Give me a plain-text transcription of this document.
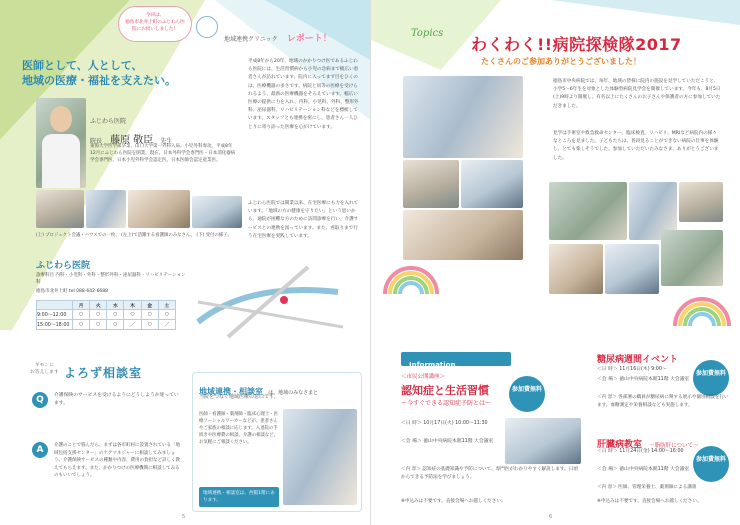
今回は、
徳島市北井上町のふじわら医院にお伺いしました！
地域連携クリニック レポート！
医師として、人として、
地域の医療・福祉を支えたい。
ふじわら医院
院長 藤原 敬臣 先生
東海大学医学部卒業、山口大学第一外科入局。小児外科専攻。平成8年12月にふじわら医院を開業。現在、日本外科学会専門医・日本消化器病学会専門医、日本小児外科学会認定医。日本医師会認定産業医。
(上) プロジェクト会議・ハウスでの一枚、 (左上)で活躍する看護師のみなさん。 (下) 受付の様子。
平成8年から20年、地域のかかりつけ医であるふじわら医院には、生活習慣病から小児の急病まで幅広い患者さんが訪れています。院内に入ってまず目をひくのは、医療機器の多さです。病院と同等の医療を受けられるよう、最新の医療機器をそろえています。幅広い医療の提供に力を入れ、内科、小児科、外科、整形外科、泌尿器科、リハビリテーション科などを標榜しています。スタッフとも連携を密にし、患者さん一人ひとりに寄り添った医療を心がけています。
ふじわら医院では開業以来、在宅医療にも力を入れています。「地域の方の健康を守りたい」という思いから、通院が困難な方のために訪問診療を行い、介護サービスとの連携を図っています。また、看取りまで行う在宅医療を実践しています。
ふじわら医院
診療科目 内科・小児科・外科・整形外科・泌尿器科・リハビリテーション科
徳島市北井上町 tel 088-642-6688
	月	火	水	木	金	土
9:00〜12:00	○	○	○	○	○	○
15:00〜18:00	○	○	○	／	○	／
ギモンに
お答えします よろず相談室
Q	介護保険のサービスを受けるようにどうしようか迷っています。
A	介護のことで悩んだら、まずは各市町村に設置されている「地域包括支援センター」のケアマネジャーに相談してみましょう。介護保険サービスの種類や内容、費用の負担など詳しく教えてもらえます。また、かかりつけの医療機関に相談してみるのもいいでしょう。
地域連携・相談室 は、地域のみなさまと
当院をつなぐ地域医療の窓口です。
医師・看護師・薬剤師・臨床心理士・医療ソーシャルワーカーなどが、患者さんやご家族の相談に応じます。入退院の手続きや医療費の相談、介護の相談など、お気軽にご相談ください。
地域連携・相談室は、西館1階にあります。
5
Topics
わくわく!!病院探検隊2017
たくさんのご参加ありがとうございました！
徳島市中央病院では、毎年、地域の皆様に院内の施設を見学していただこうと、小学5〜6年生を対象とした体験型病院見学会を開催しています。今年も、8月5日(土)9時より開催し、有名以上にたくさんのお子さんや保護者の方に参加していただきました。
見学は手術室や救急救命センター、臨床検査、リハビリ、MRIなど病院内の様々なところを見ました。子どもたちは、普段見ることができない病院の仕事を体験し、とても楽しそうでした。参加していただいたみなさま、ありがとうございました。
Information
＜市民公開講座＞
認知症と生活習慣
〜今すぐできる認知症予防とは〜
参加費無料
＜日 時＞ 10月17日(火) 10:00〜11:30
＜会 場＞ 徳山中央病院本館11階 大会議室
＜内 容＞ 認知症の基礎知識や予防について、専門医がわかりやすく解説します。日頃からできる予防法を学びましょう。
※申込みは不要です。直接会場へお越しください。
糖尿病週間イベント
参加費無料
＜日 時＞ 11月16日(木) 9:00〜
＜会 場＞ 徳山中央病院本館11階 大会議室
＜内 容＞ 各部署の職員が糖尿病に関する展示や個別相談を行います。血糖測定や栄養相談なども実施します。
肝臓病教室 〜脂肪肝について〜
参加費無料
＜日 時＞ 11月24日(金) 14:00〜16:00
＜会 場＞ 徳山中央病院本館11階 大会議室
＜内 容＞ 医師、管理栄養士、薬剤師による講義
※申込みは不要です。直接会場へお越しください。
6
